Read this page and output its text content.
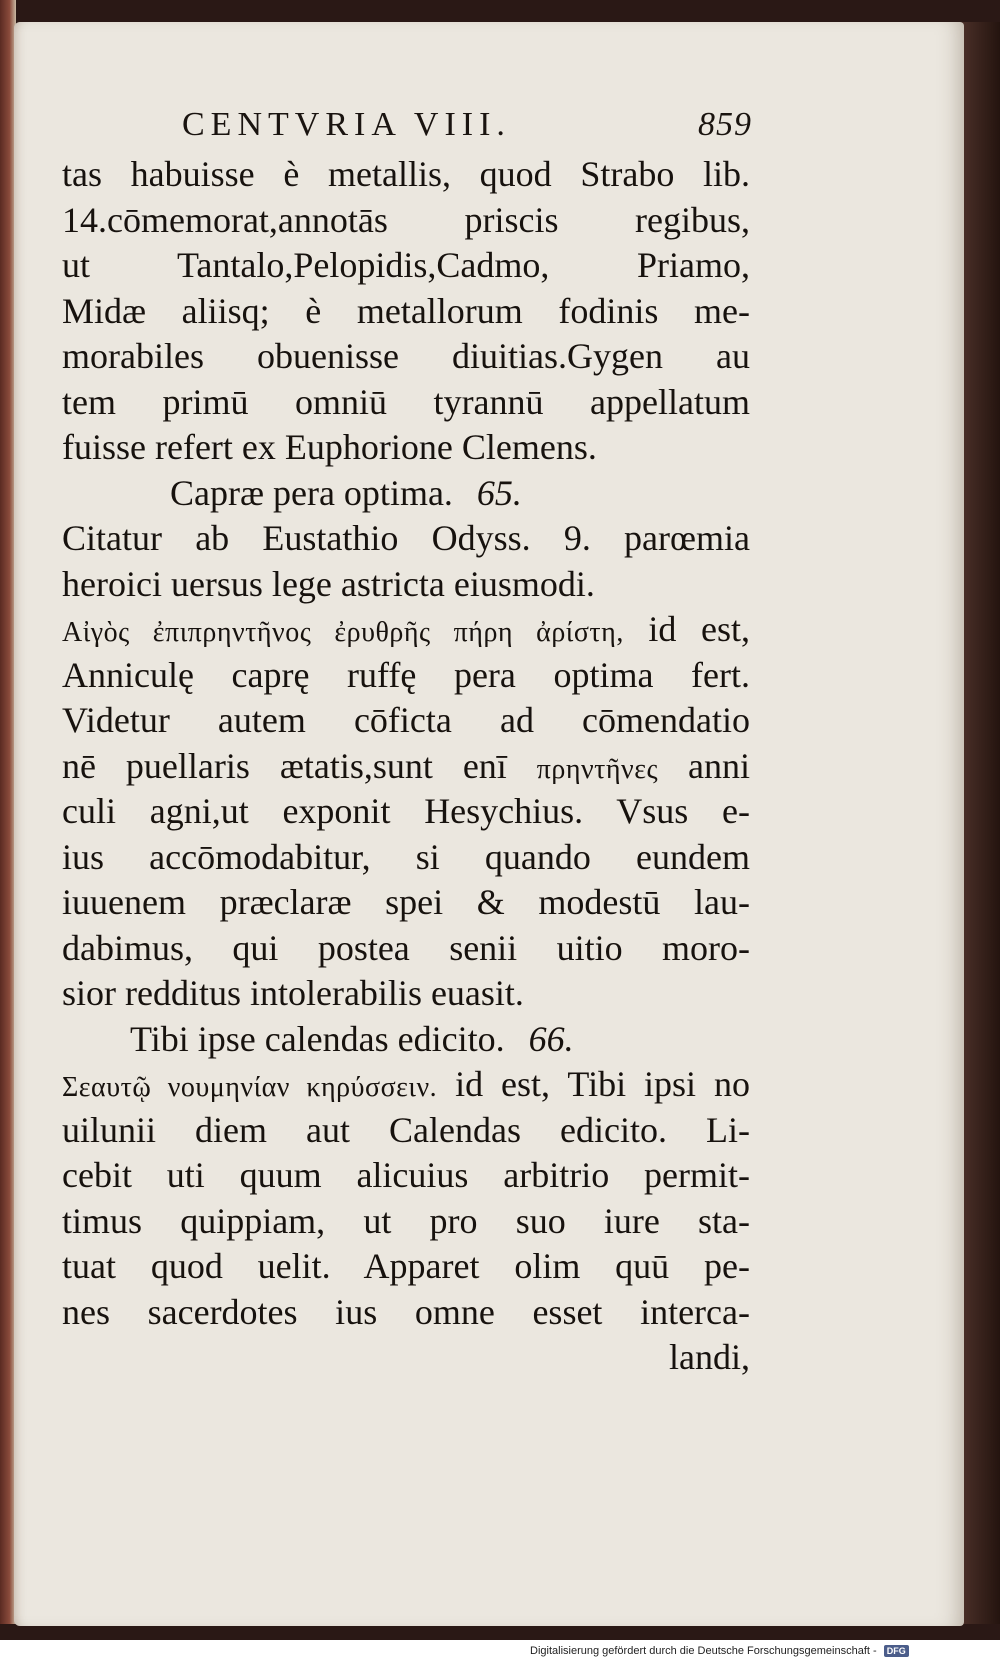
CENTVRIA VIII.	859
tas habuisse è metallis, quod Strabo lib.
14.cōmemorat,annotās priscis regibus,
ut Tantalo,Pelopidis,Cadmo, Priamo,
Midæ aliisq; è metallorum fodinis me-
morabiles obuenisse diuitias.Gygen au
tem primū omniū tyrannū appellatum
fuisse refert ex Euphorione Clemens.
Capræ pera optima. 65.
Citatur ab Eustathio Odyss. 9. parœmia
heroici uersus lege astricta eiusmodi.
Αἰγὸς ἐπιπρηντῆνος ἐρυθρῆς πήρη ἀρίστη, id est,
Anniculę caprę ruffę pera optima fert.
Videtur autem cōficta ad cōmendatio
nē puellaris ætatis,sunt enī πρηντῆνες anni
culi agni,ut exponit Hesychius. Vsus e-
ius accōmodabitur, si quando eundem
iuuenem præclaræ spei & modestū lau-
dabimus, qui postea senii uitio moro-
sior redditus intolerabilis euasit.
Tibi ipse calendas edicito. 66.
Σεαυτῷ νουμηνίαν κηρύσσειν. id est, Tibi ipsi no
uilunii diem aut Calendas edicito. Li-
cebit uti quum alicuius arbitrio permit-
timus quippiam, ut pro suo iure sta-
tuat quod uelit. Apparet olim quū pe-
nes sacerdotes ius omne esset interca-
landi,
Digitalisierung gefördert durch die Deutsche Forschungsgemeinschaft - DFG
